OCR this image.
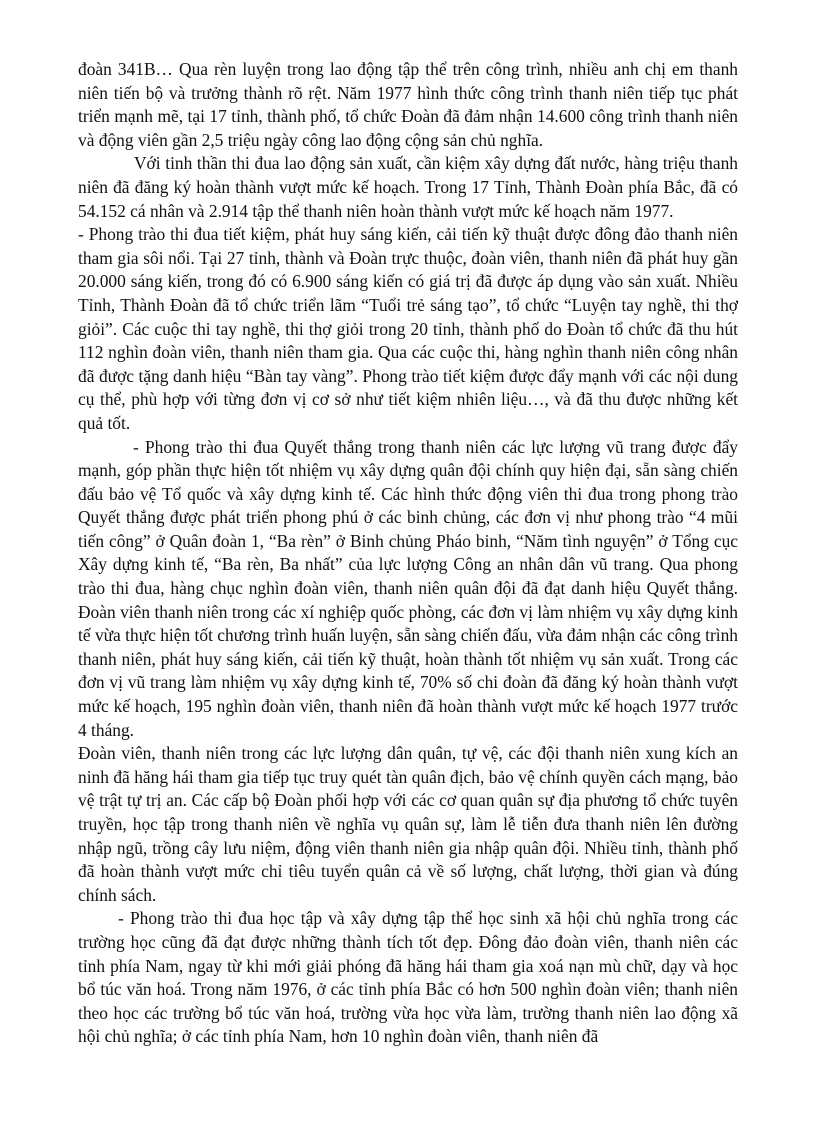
đoàn 341B… Qua rèn luyện trong lao động tập thể trên công trình, nhiều anh chị em thanh niên tiến bộ và trưởng thành rõ rệt. Năm 1977 hình thức công trình thanh niên tiếp tục phát triển mạnh mẽ, tại 17 tỉnh, thành phố, tổ chức Đoàn đã đảm nhận 14.600 công trình thanh niên và động viên gần 2,5 triệu ngày công lao động cộng sản chủ nghĩa.

Với tinh thần thi đua lao động sản xuất, cần kiệm xây dựng đất nước, hàng triệu thanh niên đã đăng ký hoàn thành vượt mức kế hoạch. Trong 17 Tỉnh, Thành Đoàn phía Bắc, đã có 54.152 cá nhân và 2.914 tập thể thanh niên hoàn thành vượt mức kế hoạch năm 1977.

- Phong trào thi đua tiết kiệm, phát huy sáng kiến, cải tiến kỹ thuật được đông đảo thanh niên tham gia sôi nổi. Tại 27 tỉnh, thành và Đoàn trực thuộc, đoàn viên, thanh niên đã phát huy gần 20.000 sáng kiến, trong đó có 6.900 sáng kiến có giá trị đã được áp dụng vào sản xuất. Nhiều Tỉnh, Thành Đoàn đã tổ chức triển lãm “Tuổi trẻ sáng tạo”, tổ chức “Luyện tay nghề, thi thợ giỏi”. Các cuộc thi tay nghề, thi thợ giỏi trong 20 tỉnh, thành phố do Đoàn tổ chức đã thu hút 112 nghìn đoàn viên, thanh niên tham gia. Qua các cuộc thi, hàng nghìn thanh niên công nhân đã được tặng danh hiệu “Bàn tay vàng”. Phong trào tiết kiệm được đẩy mạnh với các nội dung cụ thể, phù hợp với từng đơn vị cơ sở như tiết kiệm nhiên liệu…, và đã thu được những kết quả tốt.

- Phong trào thi đua Quyết thắng trong thanh niên các lực lượng vũ trang được đẩy mạnh, góp phần thực hiện tốt nhiệm vụ xây dựng quân đội chính quy hiện đại, sẵn sàng chiến đấu bảo vệ Tổ quốc và xây dựng kinh tế. Các hình thức động viên thi đua trong phong trào Quyết thắng được phát triển phong phú ở các binh chủng, các đơn vị như phong trào “4 mũi tiến công” ở Quân đoàn 1, “Ba rèn” ở Binh chủng Pháo binh, “Năm tình nguyện” ở Tổng cục Xây dựng kinh tế, “Ba rèn, Ba nhất” của lực lượng Công an nhân dân vũ trang. Qua phong trào thi đua, hàng chục nghìn đoàn viên, thanh niên quân đội đã đạt danh hiệu Quyết thắng. Đoàn viên thanh niên trong các xí nghiệp quốc phòng, các đơn vị làm nhiệm vụ xây dựng kinh tế vừa thực hiện tốt chương trình huấn luyện, sẵn sàng chiến đấu, vừa đảm nhận các công trình thanh niên, phát huy sáng kiến, cải tiến kỹ thuật, hoàn thành tốt nhiệm vụ sản xuất. Trong các đơn vị vũ trang làm nhiệm vụ xây dựng kinh tế, 70% số chi đoàn đã đăng ký hoàn thành vượt mức kế hoạch, 195 nghìn đoàn viên, thanh niên đã hoàn thành vượt mức kế hoạch 1977 trước 4 tháng.

Đoàn viên, thanh niên trong các lực lượng dân quân, tự vệ, các đội thanh niên xung kích an ninh đã hăng hái tham gia tiếp tục truy quét tàn quân địch, bảo vệ chính quyền cách mạng, bảo vệ trật tự trị an. Các cấp bộ Đoàn phối hợp với các cơ quan quân sự địa phương tổ chức tuyên truyền, học tập trong thanh niên về nghĩa vụ quân sự, làm lễ tiễn đưa thanh niên lên đường nhập ngũ, trồng cây lưu niệm, động viên thanh niên gia nhập quân đội. Nhiều tỉnh, thành phố đã hoàn thành vượt mức chỉ tiêu tuyển quân cả về số lượng, chất lượng, thời gian và đúng chính sách.

- Phong trào thi đua học tập và xây dựng tập thể học sinh xã hội chủ nghĩa trong các trường học cũng đã đạt được những thành tích tốt đẹp. Đông đảo đoàn viên, thanh niên các tỉnh phía Nam, ngay từ khi mới giải phóng đã hăng hái tham gia xoá nạn mù chữ, dạy và học bổ túc văn hoá. Trong năm 1976, ở các tỉnh phía Bắc có hơn 500 nghìn đoàn viên; thanh niên theo học các trường bổ túc văn hoá, trường vừa học vừa làm, trường thanh niên lao động xã hội chủ nghĩa; ở các tỉnh phía Nam, hơn 10 nghìn đoàn viên, thanh niên đã
